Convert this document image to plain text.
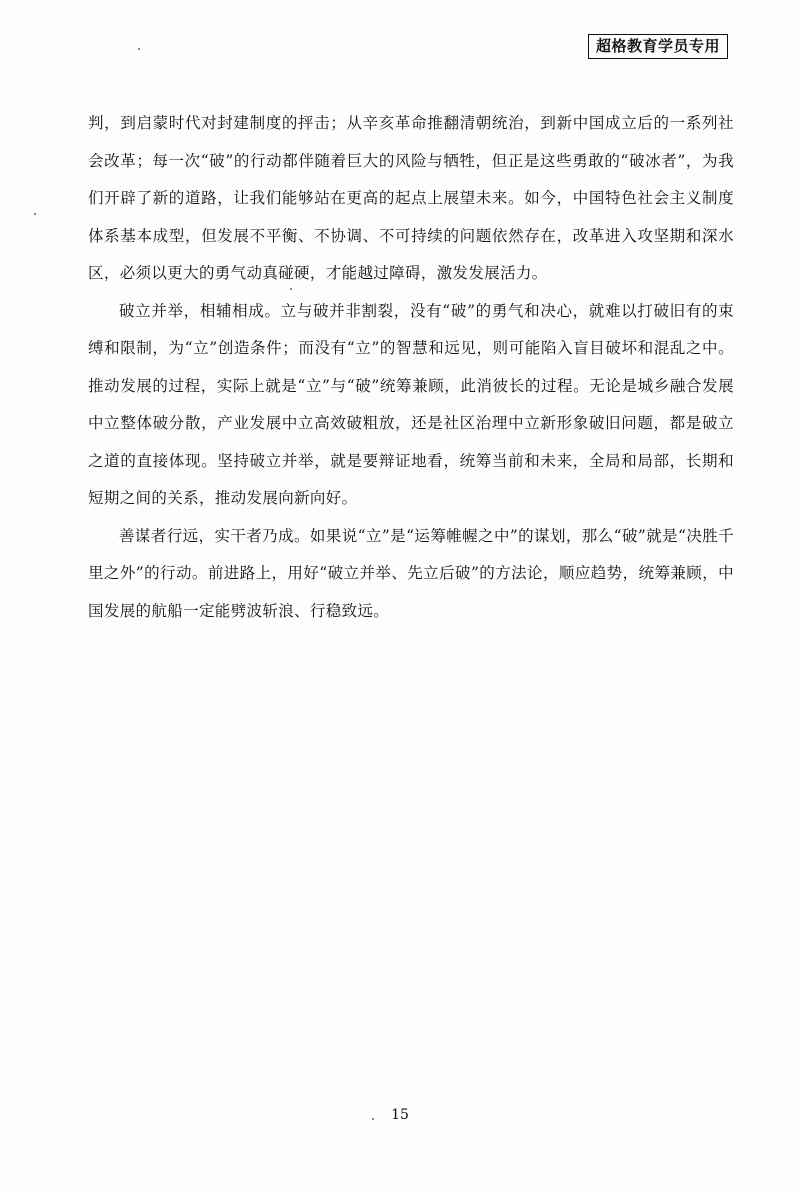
超格教育学员专用

判，到启蒙时代对封建制度的抨击；从辛亥革命推翻清朝统治，到新中国成立后的一系列社会改革；每一次“破”的行动都伴随着巨大的风险与牺牲，但正是这些勇敢的“破冰者”，为我们开辟了新的道路，让我们能够站在更高的起点上展望未来。如今，中国特色社会主义制度体系基本成型，但发展不平衡、不协调、不可持续的问题依然存在，改革进入攻坚期和深水区，必须以更大的勇气动真碰硬，才能越过障碍，激发发展活力。

破立并举，相辅相成。立与破并非割裂，没有“破”的勇气和决心，就难以打破旧有的束缚和限制，为“立”创造条件；而没有“立”的智慧和远见，则可能陷入盲目破坏和混乱之中。推动发展的过程，实际上就是“立”与“破”统筹兼顾，此消彼长的过程。无论是城乡融合发展中立整体破分散，产业发展中立高效破粗放，还是社区治理中立新形象破旧问题，都是破立之道的直接体现。坚持破立并举，就是要辩证地看，统筹当前和未来，全局和局部，长期和短期之间的关系，推动发展向新向好。

善谋者行远，实干者乃成。如果说“立”是“运筹帷幄之中”的谋划，那么“破”就是“决胜千里之外”的行动。前进路上，用好“破立并举、先立后破”的方法论，顺应趋势，统筹兼顾，中国发展的航船一定能劈波斩浪、行稳致远。

15
